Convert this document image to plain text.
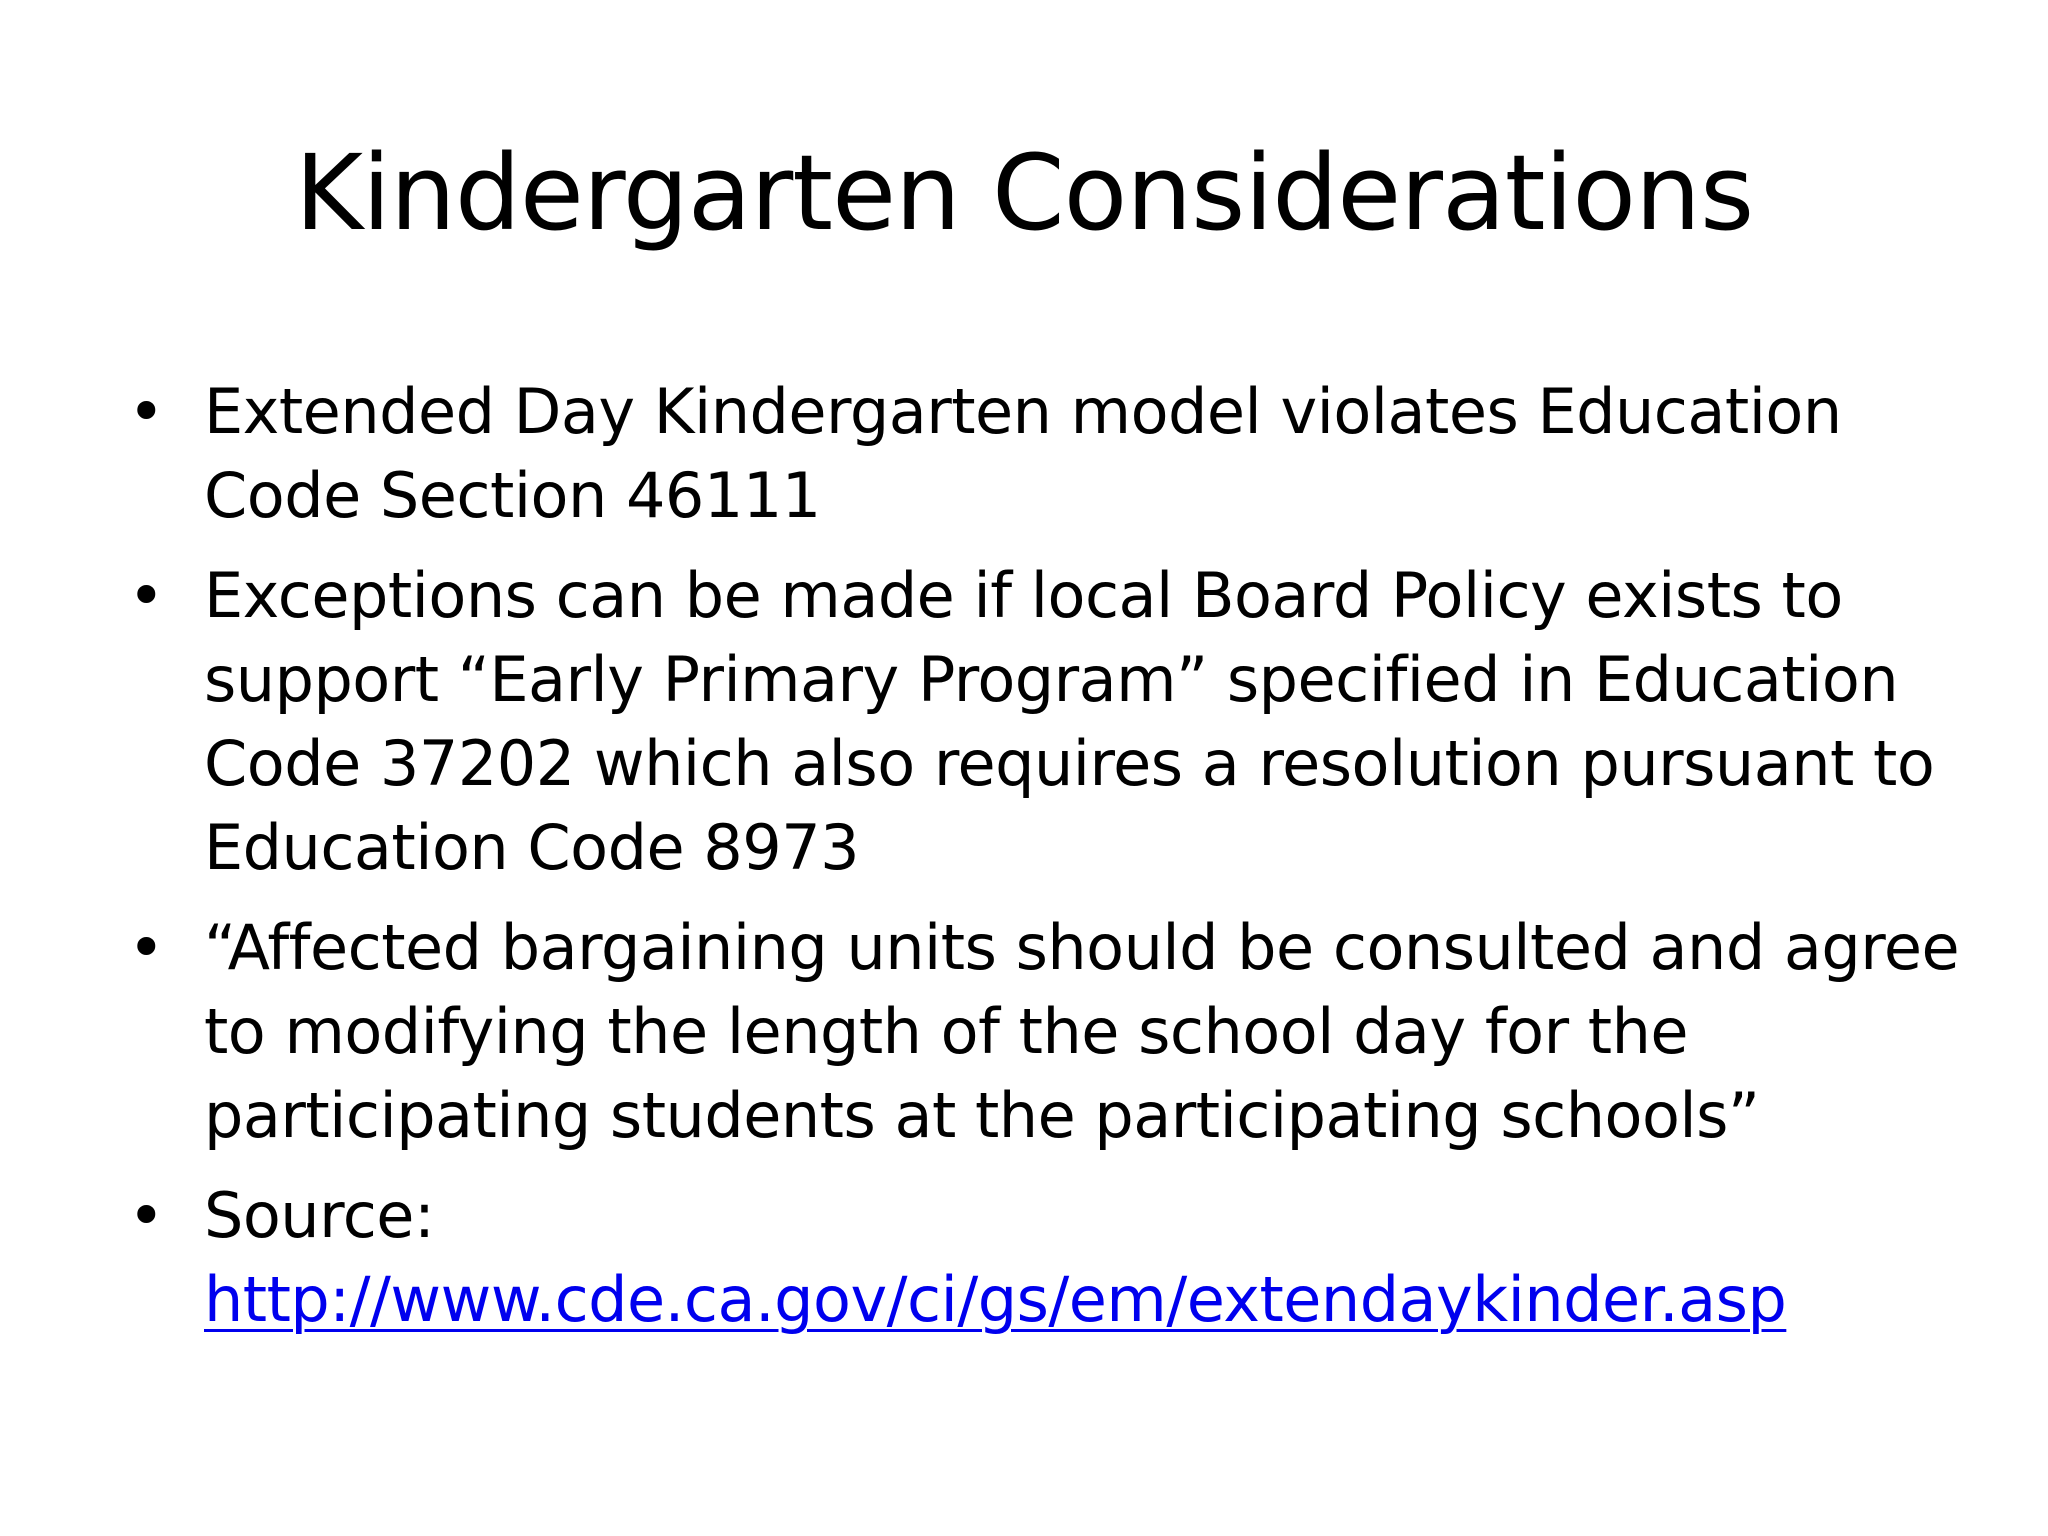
Kindergarten Considerations
• Extended Day Kindergarten model violates Education Code Section 46111
• Exceptions can be made if local Board Policy exists to support “Early Primary Program” specified in Education Code 37202 which also requires a resolution pursuant to Education Code 8973
• “Affected bargaining units should be consulted and agree to modifying the length of the school day for the participating students at the participating schools”
• Source:
http://www.cde.ca.gov/ci/gs/em/extendaykinder.asp
